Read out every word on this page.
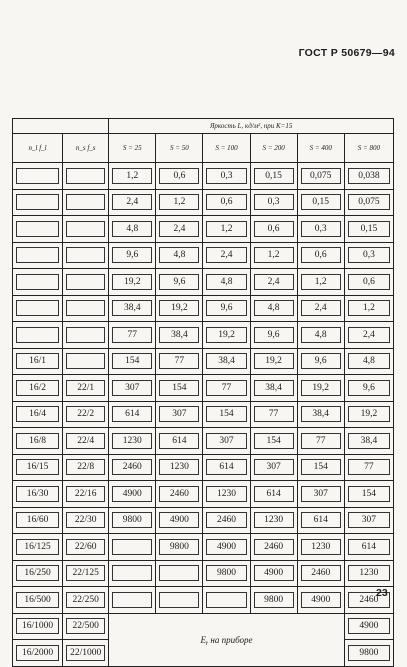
ГОСТ Р 50679—94
		Яркость L, кд/м², при K=15					
n_l f_l	n_s f_s	S = 25	S = 50	S = 100	S = 200	S = 400	S = 800

		1,2	0,6	0,3	0,15	0,075	0,038

		2,4	1,2	0,6	0,3	0,15	0,075

		4,8	2,4	1,2	0,6	0,3	0,15

		9,6	4,8	2,4	1,2	0,6	0,3

		19,2	9,6	4,8	2,4	1,2	0,6

		38,4	19,2	9,6	4,8	2,4	1,2

		77	38,4	19,2	9,6	4,8	2,4

16/1		154	77	38,4	19,2	9,6	4,8

16/2	22/1	307	154	77	38,4	19,2	9,6

16/4	22/2	614	307	154	77	38,4	19,2

16/8	22/4	1230	614	307	154	77	38,4

16/15	22/8	2460	1230	614	307	154	77

16/30	22/16	4900	2460	1230	614	307	154

16/60	22/30	9800	4900	2460	1230	614	307

16/125	22/60		9800	4900	2460	1230	614

16/250	22/125			9800	4900	2460	1230

16/500	22/250				9800	4900	2460

16/1000	22/500	Eᵧ на приборе					4900

16/2000	22/1000						9800
23
